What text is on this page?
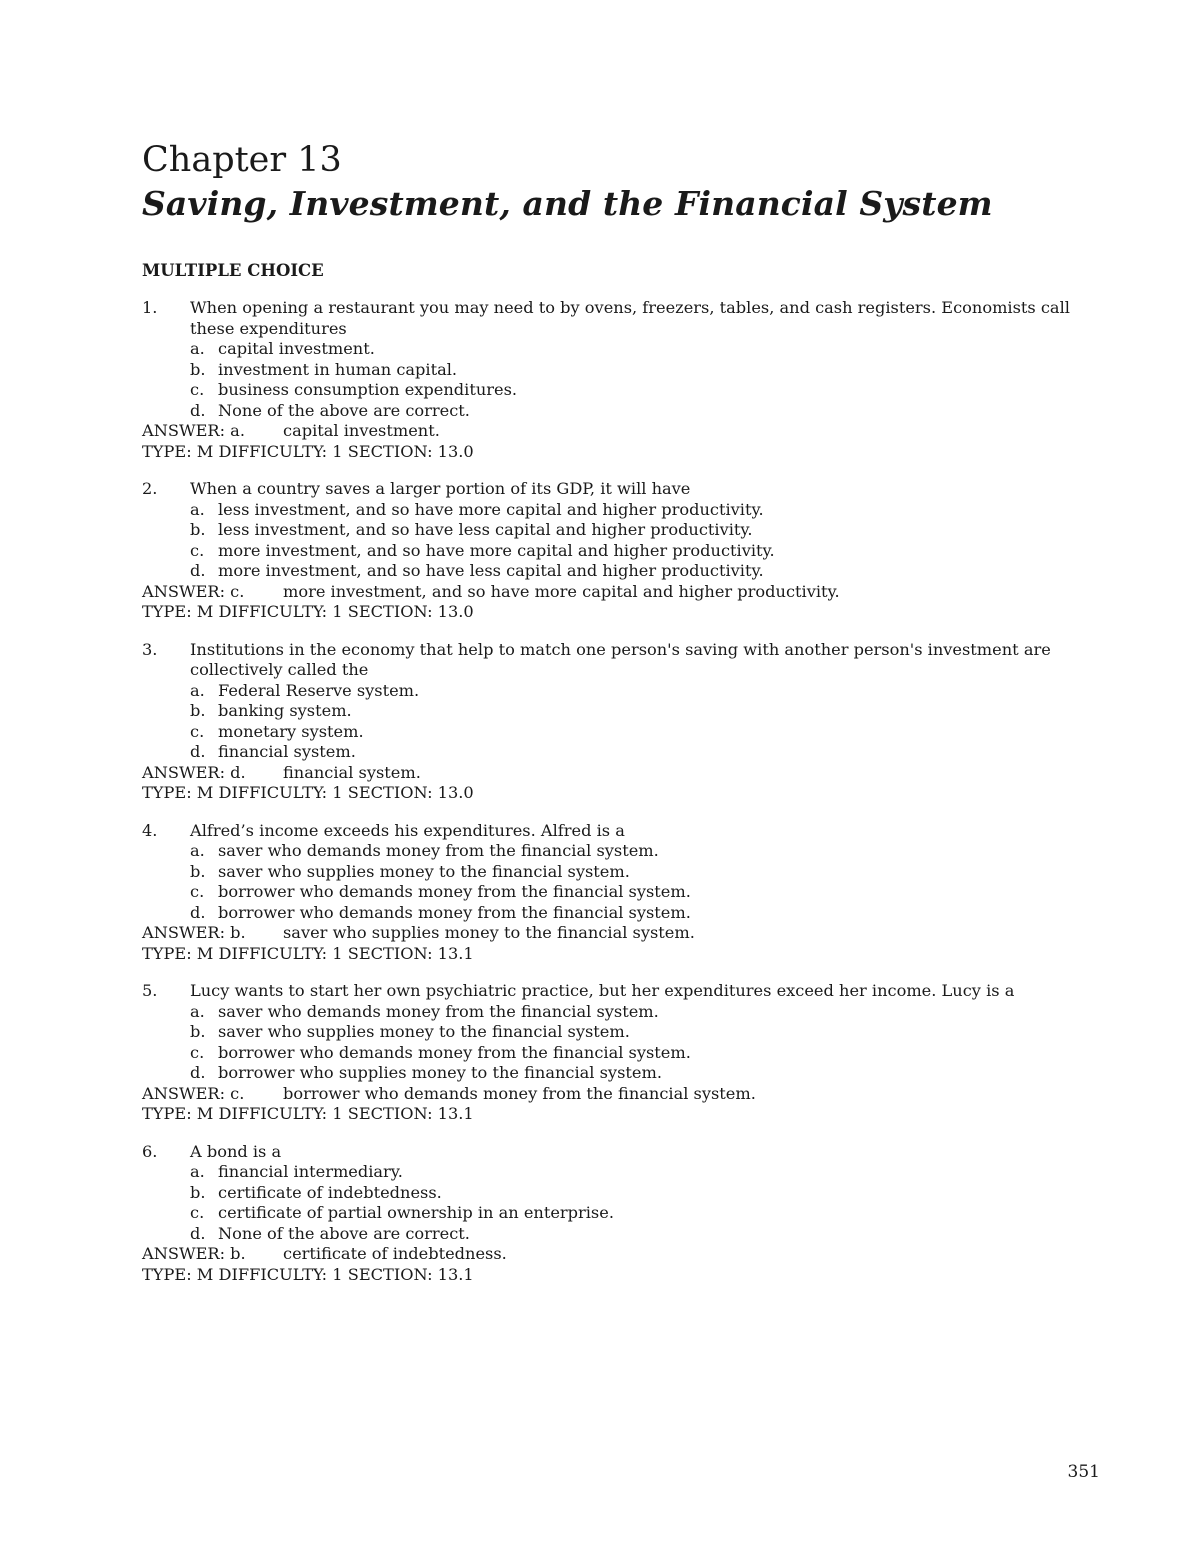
Chapter 13
Saving, Investment, and the Financial System
MULTIPLE CHOICE
1.	When opening a restaurant you may need to by ovens, freezers, tables, and cash registers. Economists call these expenditures
a. capital investment.
b. investment in human capital.
c. business consumption expenditures.
d. None of the above are correct.
ANSWER: a. capital investment.
TYPE: M DIFFICULTY: 1 SECTION: 13.0
2.	When a country saves a larger portion of its GDP, it will have
a. less investment, and so have more capital and higher productivity.
b. less investment, and so have less capital and higher productivity.
c. more investment, and so have more capital and higher productivity.
d. more investment, and so have less capital and higher productivity.
ANSWER: c. more investment, and so have more capital and higher productivity.
TYPE: M DIFFICULTY: 1 SECTION: 13.0
3.	Institutions in the economy that help to match one person's saving with another person's investment are collectively called the
a. Federal Reserve system.
b. banking system.
c. monetary system.
d. financial system.
ANSWER: d. financial system.
TYPE: M DIFFICULTY: 1 SECTION: 13.0
4.	Alfred’s income exceeds his expenditures. Alfred is a
a. saver who demands money from the financial system.
b. saver who supplies money to the financial system.
c. borrower who demands money from the financial system.
d. borrower who demands money from the financial system.
ANSWER: b. saver who supplies money to the financial system.
TYPE: M DIFFICULTY: 1 SECTION: 13.1
5.	Lucy wants to start her own psychiatric practice, but her expenditures exceed her income. Lucy is a
a. saver who demands money from the financial system.
b. saver who supplies money to the financial system.
c. borrower who demands money from the financial system.
d. borrower who supplies money to the financial system.
ANSWER: c. borrower who demands money from the financial system.
TYPE: M DIFFICULTY: 1 SECTION: 13.1
6.	A bond is a
a. financial intermediary.
b. certificate of indebtedness.
c. certificate of partial ownership in an enterprise.
d. None of the above are correct.
ANSWER: b. certificate of indebtedness.
TYPE: M DIFFICULTY: 1 SECTION: 13.1
351
